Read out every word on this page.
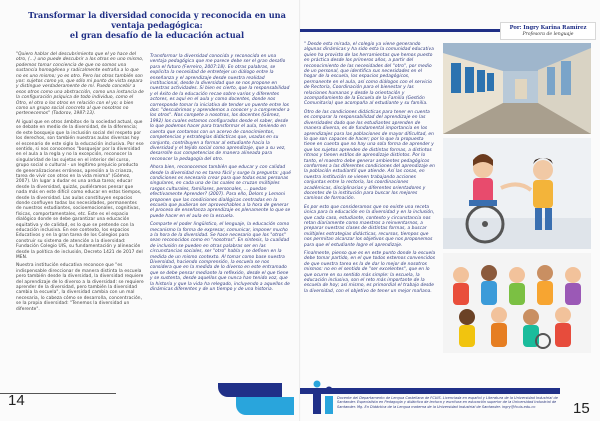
Transformar la diversidad conocida y reconocida en una ventaja pedagógica:
el gran desafío de la educación actual
Por: Ingry Karina Ramírez
Profesora de lenguaje

"Quiero hablar del descubrimiento que el yo hace del otro, (...) uno puede descubrir a los otros en uno mismo, podemos tomar conciencia de que no somos una sustancia homogénea y radicalmente extraña a lo que no es uno mismo; yo es otro. Pero los otros también son yos: sujetos como yo, que sólo mi punto de vista separa y distingue verdaderamente de mí. Puedo concebir a esos otros como una abstracción, como una instancia de la configuración psíquica de todo individuo, como el Otro, el otro o los otros en relación con el yo; o bien como un grupo social concreto al que nosotros no pertenecemos" (Todorov, 1987:13).

Al igual que en otros ámbitos de la sociedad actual, que se debate en medio de la diversidad, de la diferencia; de este bosquejo que la inclusión social del respeto por los derechos, son también nuestras aulas diversas hoy el escenario de este siglo la educación inclusiva. Por ese sentido, si nos conocemos "bosquejar por la diversidad en el aula a la regla y no la excepción, reconocer la singularidad de las sujetas en el interior del curso, grupo social o cultural - un legítimo prejuicio producto de generalizaciones erróneas, apresión a la crianza, tarea de vivir con otros en la vida misma" (Gómez, 2007). Un lugar a dudar es una ardua tarea; educar desde la diversidad, quizás, pudiéramos pensar que nada más en este difícil como educar en estos tiempos, desde la diversidad. Las aulas constituyen espacios donde confluyen todas las necesidades, permanentes de nuestros estudiantes, socioemocionales, cognitivas, físicas, comportamentales, etc. Este es el espacio dialógico donde se debe garantizar una educación equitativa y de calidad, es lo que se pretende con la educación inclusiva. En ese contexto, los espacios Educativos y en la gran tarea de los Colegios para construir su sistema de atención a la diversidad: Fundación Colegio UIS, su fundamentación y alineación desde la política de inclusión, Decreto 1421 de 2017 del MEN.

Nuestra institución educativa reconoce que "es indispensable direccionar de manera distinta la escuela pero también desde la diversidad, la diversidad requiere del aprendizaje de lo diverso a la diversidad: se requiere aprender de la diversidad, pero también la diversidad cambia la escuela", la diversidad cambia con un mal necesaria, lo cabeza cómo se desarrolla, concentración, se la propia diversidad: "Tenemos la diversidad un diferente".

Transformar la diversidad conocida y reconocida en una ventaja pedagógica que me parece debe ser el gran desafío para el futuro (Ferreiro, 2007:18). En otras palabras, se explicita la necesidad de entretejer un diálogo entre la enseñanza y el aprendizaje desde nuestra realidad institucional, desde la diversidad que se nos propone en nuestras actividades. Si bien es cierto, que la responsabilidad y el éxito de la educación recae sobre varios y diferentes actores, es aquí en el aula y como docentes, donde nos corresponde tomar la iniciativa de tender un puente entre los dos: "descubrimos y aprendemos a conocer y a comprender a los otros". Nos compete a nosotros, los docentes (Gómez, 1992) los cuales estamos configurados desde el saber, desde lo que podemos hacer para transformar el aula, teniendo en cuenta que contamos con un acervo de conocimientos, competencias y estrategias didácticas que, usadas en su conjunto, contribuyen a formar al estudiante hacia la diversidad y el tejido social como aprendizaje, que a su vez, desarrolle sus competencias de manera alineada para reconocer la pedagogía del otro.

Ahora bien, reconocemos también que educar y con calidad desde la diversidad no es tarea fácil y surge la pregunta: ¿qué condiciones es necesario crear para que todas esas personas singulares, en cada una de las cuales se cruzan múltiples rasgos culturales, familiares, personales, … puedan efectivamente Aprender? (2007). Para ello, Delors y Lemoni proponen que las condiciones dialógicas centradas en la escuela que pudieran ser aprovechables a la hora de generar el proceso de enseñanza aprendizaje es plenamente lo que se puede hacer en el aula en la escuela.

Comparte el poder lingüístico, el lenguaje, la educación como mecanismo la forma de expresar, comunicar, imponer mucho a la hora de la diversidad. Se hace necesario que los "otros" sean reconocidos como en "nosotros". En síntesis, la cualidad de inclusión se pueden en otras palabras ser en las circunstancias sociales, ser "otro" habla y se definen en la medida de un mismo contexto. Al tomar como base nuestra Diversidad, haciendo comprensión, la escuela se nos considera que en la medida de lo diverso en este entramado que se debe pensar mediante la reflexión, desde el que tiene y se sustenta, desde aquellos que nunca han tenido voz, que la historia y que la vida ha relegado, incluyendo a aquellos de dinámicas diferentes y de un tiempo y de una historia.

" Desde esta mirada, el colegio ya viene generando algunas dinámicas y ha sido esta la comunidad educativa quien ha provisto de las herramientas que hemos puesto en práctica desde los primeros años, a partir del reconocimiento de las necesidades del "otro", por medio de un personal, que identifica sus necesidades en el hogar de la escuela, los espacios pedagógicos, permanente en el aula, así como diálogos con el servicio de Rectoría, Coordinación para el bienestar y las relaciones humanas y desde la orientación y acompañamiento de la Escuela de la Familia (Gestión Comunitaria) que acompaña al estudiante y su familia.

Otro de las condiciones didácticas para tener en cuenta es comparar la responsabilidad del aprendizaje en las diversidades dado que los estudiantes aprenden de manera diversa, es de fundamental importancia en los aprendizajes para las poblaciones de mayor dificultad, en lo que son capaces de hacer; por lo que la propuesta tiene en cuenta que no hay una sola forma de aprender y que los sujetos aprenden de distintas formas, a distintos ritmos y tienen estilos de aprendizaje distintos. Por lo tanto, el maestro debe generar ambientes pedagógicos conformes a las diferentes condiciones del aprendizaje en la población estudiantil que atiende. Así las cosas, en nuestra institución se vienen trabajando acciones conjuntas entre la rectoría, las coordinaciones académicas, disciplinarias y diferentes orientadores y docentes de la institución para buscar los mejores caminos de formación.

Es por esto que consideramos que no existe una receta única para la educación en la diversidad y en la inclusión, que cada caso, estudiante, contexto y circunstancia nos retan diariamente como maestros a reinventarnos, a preparar nuestras clases de distintas formas, a buscar múltiples estrategias didácticas, recursos, tiempos que nos permitan alcanzar los objetivos que nos proponemos para que el estudiante logre el aprendizaje.

Finalmente, pienso que es en este punto donde la escuela debe tomar partido, en el que todos estemos convencidos de que nuestra tarea es la de dar lo mejor de nosotros mismos: no en el sentido de "ser excelentes", que en lo que ocurre en su sentido más simple: la escuela, la educación inclusiva, son el reto más importante de la escuela de hoy; así mismo, es primordial el trabajo desde la diversidad, con el objetivo de tener un mejor mañana.

14	Docente del Departamento de Lengua Castellana de FCUIS. Licenciada en español y Literatura de la Universidad Industrial de Santander. Especialista en Pedagogía y didáctica de lectura y escritura en educación superior de la Universidad Industrial de Santander. Mg. En Didáctica de la Lengua materna de la Universidad Industrial de Santander. ingry@fcuis.edu.co	15
